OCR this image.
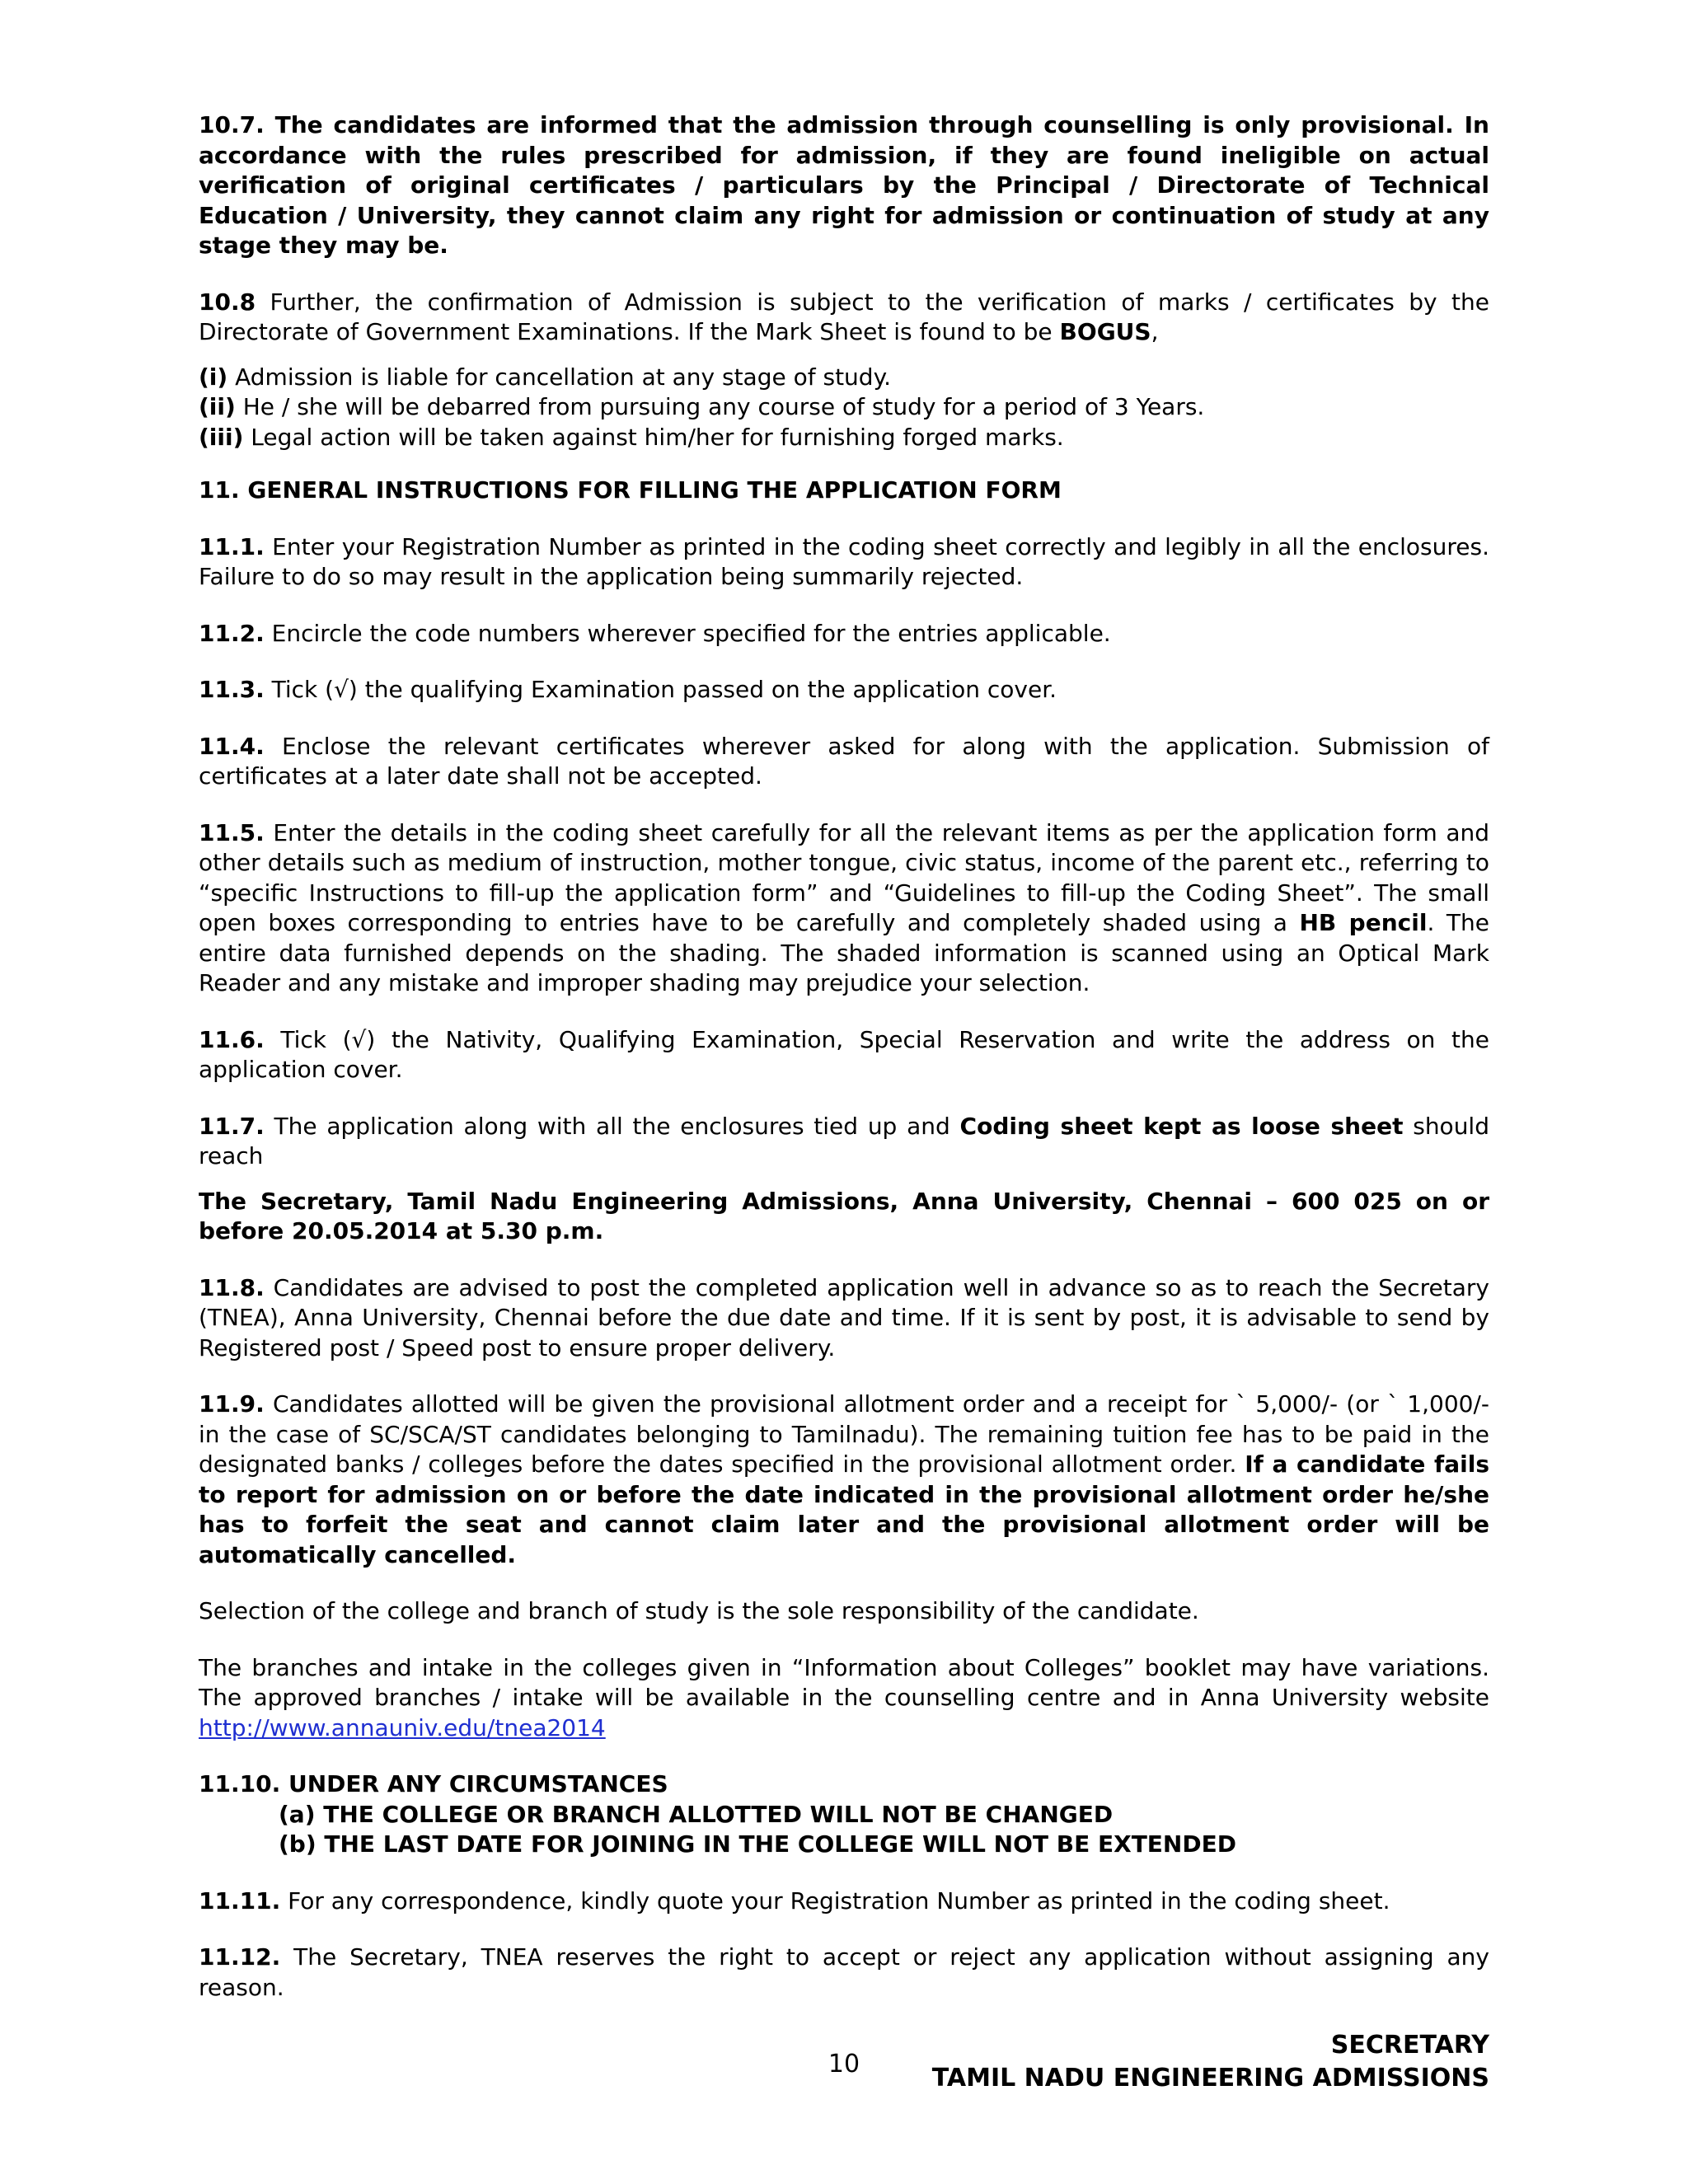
10.7. The candidates are informed that the admission through counselling is only provisional. In accordance with the rules prescribed for admission, if they are found ineligible on actual verification of original certificates / particulars by the Principal / Directorate of Technical Education / University, they cannot claim any right for admission or continuation of study at any stage they may be.

10.8 Further, the confirmation of Admission is subject to the verification of marks / certificates by the Directorate of Government Examinations. If the Mark Sheet is found to be BOGUS,

(i) Admission is liable for cancellation at any stage of study.
(ii) He / she will be debarred from pursuing any course of study for a period of 3 Years.
(iii) Legal action will be taken against him/her for furnishing forged marks.

11. GENERAL INSTRUCTIONS FOR FILLING THE APPLICATION FORM

11.1. Enter your Registration Number as printed in the coding sheet correctly and legibly in all the enclosures. Failure to do so may result in the application being summarily rejected.

11.2. Encircle the code numbers wherever specified for the entries applicable.

11.3. Tick (√) the qualifying Examination passed on the application cover.

11.4. Enclose the relevant certificates wherever asked for along with the application. Submission of certificates at a later date shall not be accepted.

11.5. Enter the details in the coding sheet carefully for all the relevant items as per the application form and other details such as medium of instruction, mother tongue, civic status, income of the parent etc., referring to “specific Instructions to fill-up the application form” and “Guidelines to fill-up the Coding Sheet”. The small open boxes corresponding to entries have to be carefully and completely shaded using a HB pencil. The entire data furnished depends on the shading. The shaded information is scanned using an Optical Mark Reader and any mistake and improper shading may prejudice your selection.

11.6. Tick (√) the Nativity, Qualifying Examination, Special Reservation and write the address on the application cover.

11.7. The application along with all the enclosures tied up and Coding sheet kept as loose sheet should reach

The Secretary, Tamil Nadu Engineering Admissions, Anna University, Chennai – 600 025 on or before 20.05.2014 at 5.30 p.m.

11.8. Candidates are advised to post the completed application well in advance so as to reach the Secretary (TNEA), Anna University, Chennai before the due date and time. If it is sent by post, it is advisable to send by Registered post / Speed post to ensure proper delivery.

11.9. Candidates allotted will be given the provisional allotment order and a receipt for ` 5,000/- (or ` 1,000/- in the case of SC/SCA/ST candidates belonging to Tamilnadu). The remaining tuition fee has to be paid in the designated banks / colleges before the dates specified in the provisional allotment order. If a candidate fails to report for admission on or before the date indicated in the provisional allotment order he/she has to forfeit the seat and cannot claim later and the provisional allotment order will be automatically cancelled.

Selection of the college and branch of study is the sole responsibility of the candidate.

The branches and intake in the colleges given in “Information about Colleges” booklet may have variations. The approved branches / intake will be available in the counselling centre and in Anna University website http://www.annauniv.edu/tnea2014

11.10. UNDER ANY CIRCUMSTANCES
(a) THE COLLEGE OR BRANCH ALLOTTED WILL NOT BE CHANGED
(b) THE LAST DATE FOR JOINING IN THE COLLEGE WILL NOT BE EXTENDED

11.11. For any correspondence, kindly quote your Registration Number as printed in the coding sheet.

11.12. The Secretary, TNEA reserves the right to accept or reject any application without assigning any reason.

SECRETARY
TAMIL NADU ENGINEERING ADMISSIONS
10
